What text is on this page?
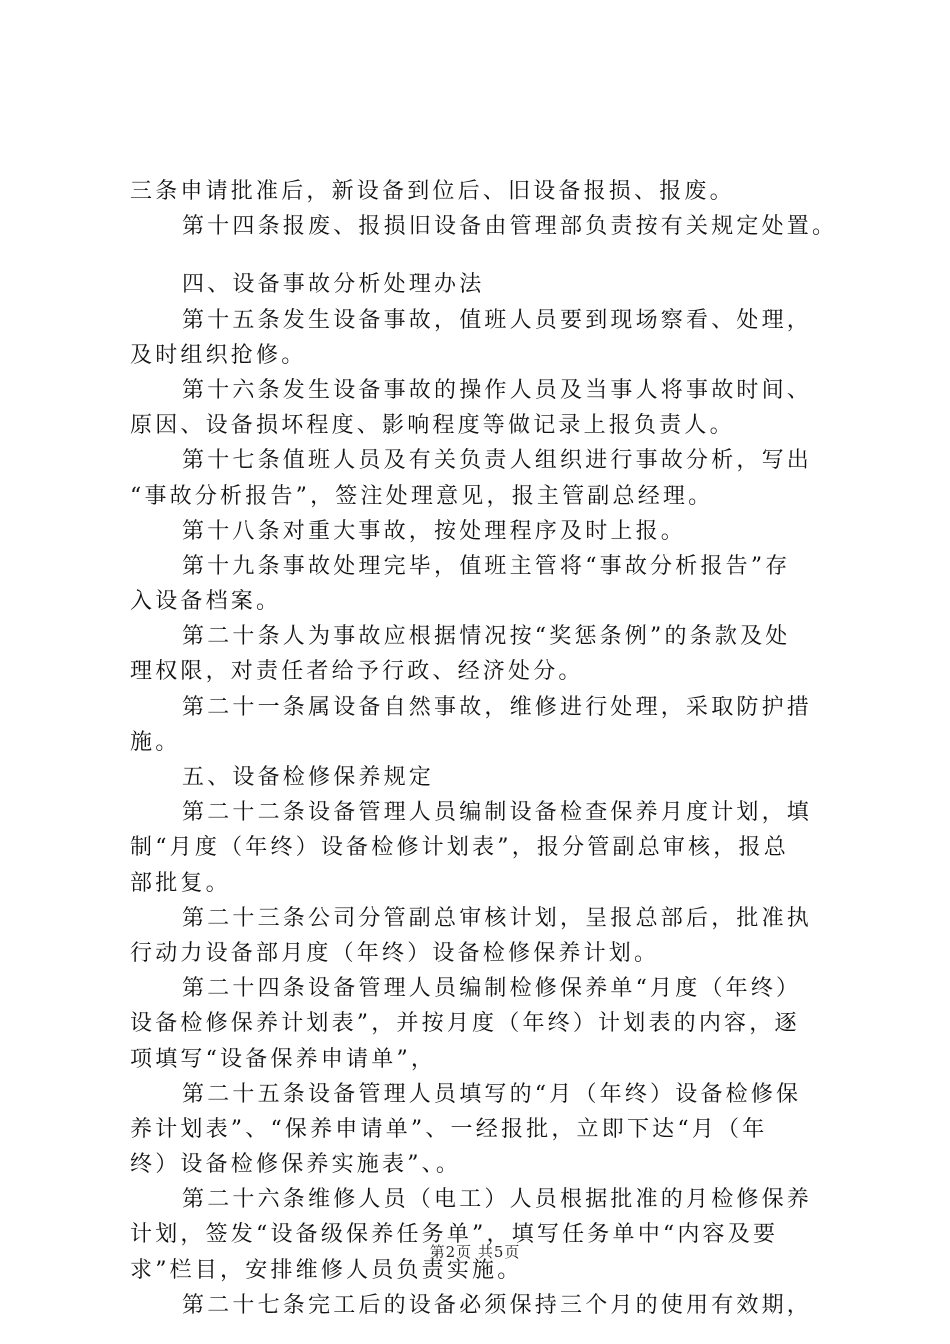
三条申请批准后，新设备到位后、旧设备报损、报废。
第十四条报废、报损旧设备由管理部负责按有关规定处置。
四、设备事故分析处理办法
第十五条发生设备事故，值班人员要到现场察看、处理，
及时组织抢修。
第十六条发生设备事故的操作人员及当事人将事故时间、
原因、设备损坏程度、影响程度等做记录上报负责人。
第十七条值班人员及有关负责人组织进行事故分析，写出
“事故分析报告”，签注处理意见，报主管副总经理。
第十八条对重大事故，按处理程序及时上报。
第十九条事故处理完毕，值班主管将“事故分析报告”存
入设备档案。
第二十条人为事故应根据情况按“奖惩条例”的条款及处
理权限，对责任者给予行政、经济处分。
第二十一条属设备自然事故，维修进行处理，采取防护措
施。
五、设备检修保养规定
第二十二条设备管理人员编制设备检查保养月度计划，填
制“月度（年终）设备检修计划表”，报分管副总审核，报总
部批复。
第二十三条公司分管副总审核计划，呈报总部后，批准执
行动力设备部月度（年终）设备检修保养计划。
第二十四条设备管理人员编制检修保养单“月度（年终）
设备检修保养计划表”，并按月度（年终）计划表的内容，逐
项填写“设备保养申请单”，
第二十五条设备管理人员填写的“月（年终）设备检修保
养计划表”、“保养申请单”、一经报批，立即下达“月（年
终）设备检修保养实施表”、。
第二十六条维修人员（电工）人员根据批准的月检修保养
计划，签发“设备级保养任务单”，填写任务单中“内容及要
求”栏目，安排维修人员负责实施。
第二十七条完工后的设备必须保持三个月的使用有效期，
第2页 共5页
